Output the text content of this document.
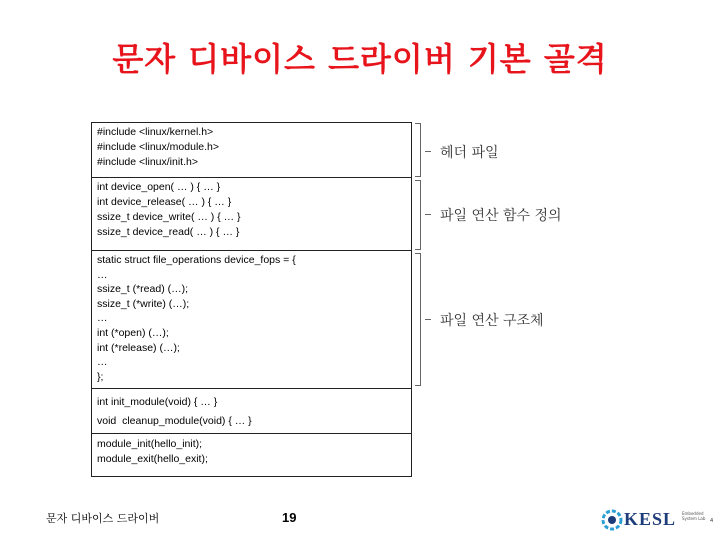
문자 디바이스 드라이버 기본 골격
#include <linux/kernel.h>
#include <linux/module.h>
#include <linux/init.h>
int device_open( … ) { … }
int device_release( … ) { … }
ssize_t device_write( … ) { … }
ssize_t device_read( … ) { … }
static struct file_operations device_fops = {
…
ssize_t (*read) (…);
ssize_t (*write) (…);
…
int (*open) (…);
int (*release) (…);
…
};
int init_module(void) { … }
void  cleanup_module(void) { … }
module_init(hello_init);
module_exit(hello_exit);
헤더 파일
파일 연산 함수 정의
파일 연산 구조체
문자 디바이스 드라이버	19	KESL Embedded System Lab 4
